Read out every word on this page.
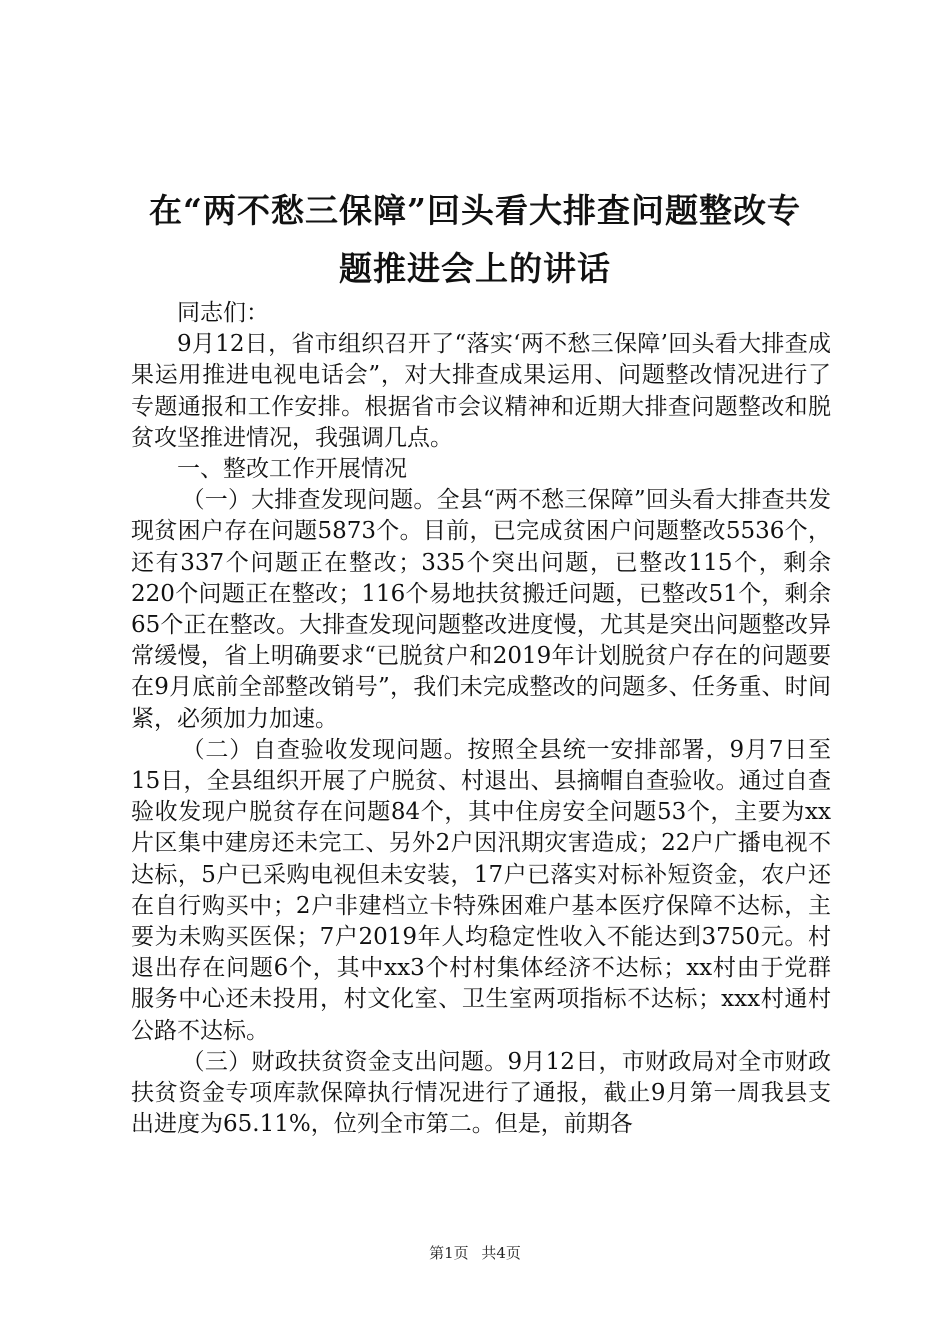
在“两不愁三保障”回头看大排查问题整改专
题推进会上的讲话

同志们：

9月12日，省市组织召开了“落实‘两不愁三保障’回头看大排查成果运用推进电视电话会”，对大排查成果运用、问题整改情况进行了专题通报和工作安排。根据省市会议精神和近期大排查问题整改和脱贫攻坚推进情况，我强调几点。

一、整改工作开展情况

（一）大排查发现问题。全县“两不愁三保障”回头看大排查共发现贫困户存在问题5873个。目前，已完成贫困户问题整改5536个，还有337个问题正在整改；335个突出问题，已整改115个，剩余220个问题正在整改；116个易地扶贫搬迁问题，已整改51个，剩余65个正在整改。大排查发现问题整改进度慢，尤其是突出问题整改异常缓慢，省上明确要求“已脱贫户和2019年计划脱贫户存在的问题要在9月底前全部整改销号”，我们未完成整改的问题多、任务重、时间紧，必须加力加速。

（二）自查验收发现问题。按照全县统一安排部署，9月7日至15日，全县组织开展了户脱贫、村退出、县摘帽自查验收。通过自查验收发现户脱贫存在问题84个，其中住房安全问题53个，主要为xx片区集中建房还未完工、另外2户因汛期灾害造成；22户广播电视不达标，5户已采购电视但未安装，17户已落实对标补短资金，农户还在自行购买中；2户非建档立卡特殊困难户基本医疗保障不达标，主要为未购买医保；7户2019年人均稳定性收入不能达到3750元。村退出存在问题6个，其中xx3个村村集体经济不达标；xx村由于党群服务中心还未投用，村文化室、卫生室两项指标不达标；xxx村通村公路不达标。

（三）财政扶贫资金支出问题。9月12日，市财政局对全市财政扶贫资金专项库款保障执行情况进行了通报，截止9月第一周我县支出进度为65.11%，位列全市第二。但是，前期各

第1页 共4页
